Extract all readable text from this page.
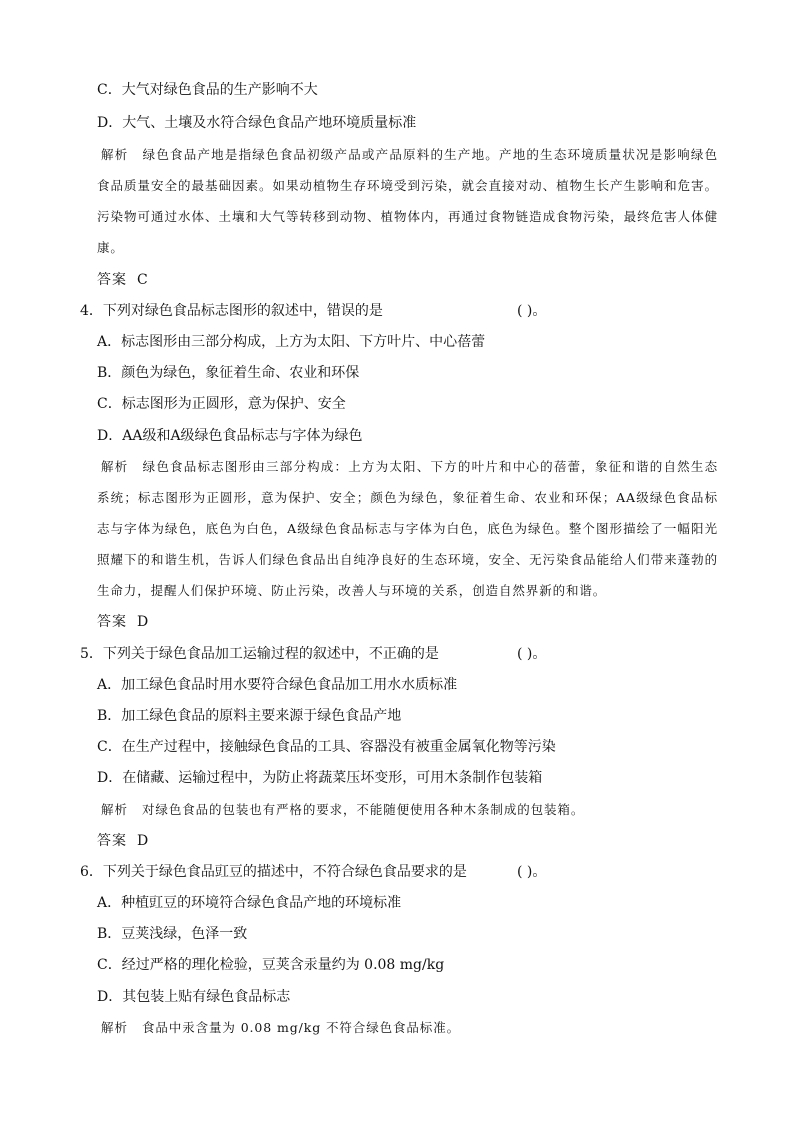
C．大气对绿色食品的生产影响不大
D．大气、土壤及水符合绿色食品产地环境质量标准
解析 绿色食品产地是指绿色食品初级产品或产品原料的生产地。产地的生态环境质量状况是影响绿色食品质量安全的最基础因素。如果动植物生存环境受到污染，就会直接对动、植物生长产生影响和危害。污染物可通过水体、土壤和大气等转移到动物、植物体内，再通过食物链造成食物污染，最终危害人体健康。
答案 C
4．下列对绿色食品标志图形的叙述中，错误的是	( )。
A．标志图形由三部分构成，上方为太阳、下方叶片、中心蓓蕾
B．颜色为绿色，象征着生命、农业和环保
C．标志图形为正圆形，意为保护、安全
D．AA级和A级绿色食品标志与字体为绿色
解析 绿色食品标志图形由三部分构成：上方为太阳、下方的叶片和中心的蓓蕾，象征和谐的自然生态系统；标志图形为正圆形，意为保护、安全；颜色为绿色，象征着生命、农业和环保；AA级绿色食品标志与字体为绿色，底色为白色，A级绿色食品标志与字体为白色，底色为绿色。整个图形描绘了一幅阳光照耀下的和谐生机，告诉人们绿色食品出自纯净良好的生态环境，安全、无污染食品能给人们带来蓬勃的生命力，提醒人们保护环境、防止污染，改善人与环境的关系，创造自然界新的和谐。
答案 D
5．下列关于绿色食品加工运输过程的叙述中，不正确的是	( )。
A．加工绿色食品时用水要符合绿色食品加工用水水质标准
B．加工绿色食品的原料主要来源于绿色食品产地
C．在生产过程中，接触绿色食品的工具、容器没有被重金属氧化物等污染
D．在储藏、运输过程中，为防止将蔬菜压坏变形，可用木条制作包装箱
解析 对绿色食品的包装也有严格的要求，不能随便使用各种木条制成的包装箱。
答案 D
6．下列关于绿色食品豇豆的描述中，不符合绿色食品要求的是	( )。
A．种植豇豆的环境符合绿色食品产地的环境标准
B．豆荚浅绿，色泽一致
C．经过严格的理化检验，豆荚含汞量约为 0.08 mg/kg
D．其包装上贴有绿色食品标志
解析 食品中汞含量为 0.08 mg/kg 不符合绿色食品标准。
